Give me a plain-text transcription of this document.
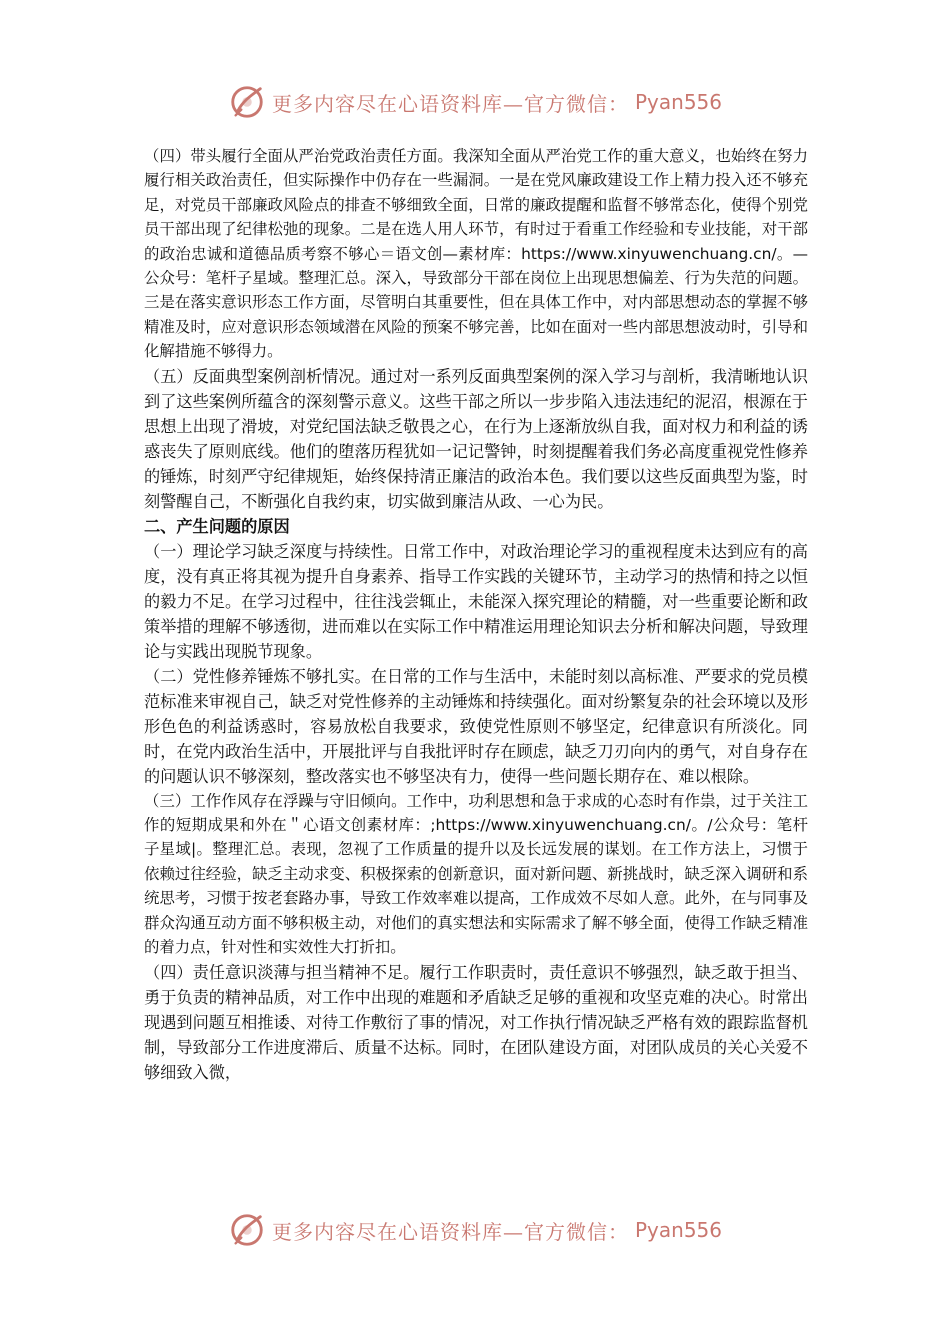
更多内容尽在心语资料库—官方微信： Pyan556

（四）带头履行全面从严治党政治责任方面。我深知全面从严治党工作的重大意义，也始终在努力履行相关政治责任，但实际操作中仍存在一些漏洞。一是在党风廉政建设工作上精力投入还不够充足，对党员干部廉政风险点的排查不够细致全面，日常的廉政提醒和监督不够常态化，使得个别党员干部出现了纪律松弛的现象。二是在选人用人环节，有时过于看重工作经验和专业技能，对干部的政治忠诚和道德品质考察不够心＝语文创—素材库：https://www.xinyuwenchuang.cn/。—公众号：笔杆子星域。整理汇总。深入，导致部分干部在岗位上出现思想偏差、行为失范的问题。三是在落实意识形态工作方面，尽管明白其重要性，但在具体工作中，对内部思想动态的掌握不够精准及时，应对意识形态领域潜在风险的预案不够完善，比如在面对一些内部思想波动时，引导和化解措施不够得力。

（五）反面典型案例剖析情况。通过对一系列反面典型案例的深入学习与剖析，我清晰地认识到了这些案例所蕴含的深刻警示意义。这些干部之所以一步步陷入违法违纪的泥沼，根源在于思想上出现了滑坡，对党纪国法缺乏敬畏之心，在行为上逐渐放纵自我，面对权力和利益的诱惑丧失了原则底线。他们的堕落历程犹如一记记警钟，时刻提醒着我们务必高度重视党性修养的锤炼，时刻严守纪律规矩，始终保持清正廉洁的政治本色。我们要以这些反面典型为鉴，时刻警醒自己，不断强化自我约束，切实做到廉洁从政、一心为民。

二、产生问题的原因

（一）理论学习缺乏深度与持续性。日常工作中，对政治理论学习的重视程度未达到应有的高度，没有真正将其视为提升自身素养、指导工作实践的关键环节，主动学习的热情和持之以恒的毅力不足。在学习过程中，往往浅尝辄止，未能深入探究理论的精髓，对一些重要论断和政策举措的理解不够透彻，进而难以在实际工作中精准运用理论知识去分析和解决问题，导致理论与实践出现脱节现象。

（二）党性修养锤炼不够扎实。在日常的工作与生活中，未能时刻以高标准、严要求的党员模范标准来审视自己，缺乏对党性修养的主动锤炼和持续强化。面对纷繁复杂的社会环境以及形形色色的利益诱惑时，容易放松自我要求，致使党性原则不够坚定，纪律意识有所淡化。同时，在党内政治生活中，开展批评与自我批评时存在顾虑，缺乏刀刃向内的勇气，对自身存在的问题认识不够深刻，整改落实也不够坚决有力，使得一些问题长期存在、难以根除。

（三）工作作风存在浮躁与守旧倾向。工作中，功利思想和急于求成的心态时有作祟，过于关注工作的短期成果和外在＂心语文创素材库：;https://www.xinyuwenchuang.cn/。/公众号：笔杆子星域|。整理汇总。表现，忽视了工作质量的提升以及长远发展的谋划。在工作方法上，习惯于依赖过往经验，缺乏主动求变、积极探索的创新意识，面对新问题、新挑战时，缺乏深入调研和系统思考，习惯于按老套路办事，导致工作效率难以提高，工作成效不尽如人意。此外，在与同事及群众沟通互动方面不够积极主动，对他们的真实想法和实际需求了解不够全面，使得工作缺乏精准的着力点，针对性和实效性大打折扣。

（四）责任意识淡薄与担当精神不足。履行工作职责时，责任意识不够强烈，缺乏敢于担当、勇于负责的精神品质，对工作中出现的难题和矛盾缺乏足够的重视和攻坚克难的决心。时常出现遇到问题互相推诿、对待工作敷衍了事的情况，对工作执行情况缺乏严格有效的跟踪监督机制，导致部分工作进度滞后、质量不达标。同时，在团队建设方面，对团队成员的关心关爱不够细致入微，

更多内容尽在心语资料库—官方微信： Pyan556
